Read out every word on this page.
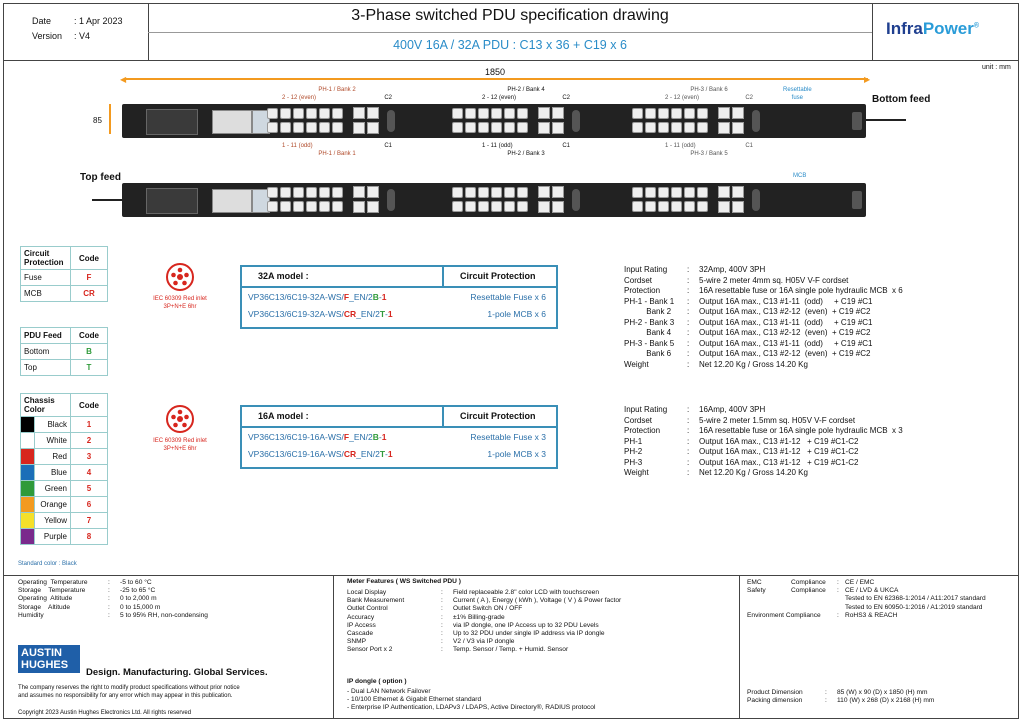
Date	: 1 Apr 2023
Version : V4
3-Phase switched PDU specification drawing
400V 16A / 32A PDU : C13 x 36 + C19 x 6
InfraPower®
unit : mm
◀	▶
1850
85
PH-1 / Bank 2
2 - 12 (even)	C2
PH-2 / Bank 4
2 - 12 (even)	C2
PH-3 / Bank 6
2 - 12 (even)	C2
Resettable
fuse	Bottom feed
1 - 11 (odd)	C1
PH-1 / Bank 1
1 - 11 (odd)	C1
PH-2 / Bank 3
1 - 11 (odd)	C1
PH-3 / Bank 5
Top feed	MCB
Circuit Protection	Code
Fuse	F
MCB	CR
PDU Feed	Code
Bottom	B
Top	T
Chassis Color		Code
	Black	1
	White	2
	Red	3
	Blue	4
	Green	5
	Orange	6
	Yellow	7
	Purple	8
Standard color : Black
IEC 60309 Red inlet
3P+N+E 6hr
IEC 60309 Red inlet
3P+N+E 6hr
32A model :	Circuit Protection
VP36C13/6C19-32A-WS/F_EN/2B-1	Resettable Fuse x 6
VP36C13/6C19-32A-WS/CR_EN/2T-1	1-pole MCB x 6
16A model :	Circuit Protection
VP36C13/6C19-16A-WS/F_EN/2B-1	Resettable Fuse x 3
VP36C13/6C19-16A-WS/CR_EN/2T-1	1-pole MCB x 3
Input Rating	:	32Amp, 400V 3PH
Cordset	:	5-wire 2 meter 4mm sq. H05V V-F cordset
Protection	:	16A resettable fuse or 16A single pole hydraulic MCB  x 6
PH-1 - Bank 1	:	Output 16A max., C13 #1-11  (odd)     + C19 #C1
Bank 2	:	Output 16A max., C13 #2-12  (even)  + C19 #C2
PH-2 - Bank 3	:	Output 16A max., C13 #1-11  (odd)     + C19 #C1
Bank 4	:	Output 16A max., C13 #2-12  (even)  + C19 #C2
PH-3 - Bank 5	:	Output 16A max., C13 #1-11  (odd)     + C19 #C1
Bank 6	:	Output 16A max., C13 #2-12  (even)  + C19 #C2
Weight	:	Net 12.20 Kg / Gross 14.20 Kg
Input Rating	:	16Amp, 400V 3PH
Cordset	:	5-wire 2 meter 1.5mm sq. H05V V-F cordset
Protection	:	16A resettable fuse or 16A single pole hydraulic MCB  x 3
PH-1	:	Output 16A max., C13 #1-12   + C19 #C1-C2
PH-2	:	Output 16A max., C13 #1-12   + C19 #C1-C2
PH-3	:	Output 16A max., C13 #1-12   + C19 #C1-C2
Weight	:	Net 12.20 Kg / Gross 14.20 Kg
Operating  Temperature	:	-5 to 60 °C
Storage    Temperature	:	-25 to 65 °C
Operating  Altitude	:	0 to 2,000 m
Storage    Altitude	:	0 to 15,000 m
Humidity	:	5 to 95% RH, non-condensing
AUSTIN
HUGHES
Design. Manufacturing. Global Services.
The company reserves the right to modify product specifications without prior notice
and assumes no responsibility for any error which may appear in this publication.
Copyright 2023 Austin Hughes Electronics Ltd. All rights reserved
Meter Features ( WS Switched PDU )
Local Display	:	Field replaceable 2.8" color LCD with touchscreen
Bank Measurement	:	Current ( A ), Energy ( kWh ), Voltage ( V ) & Power factor
Outlet Control	:	Outlet Switch ON / OFF
Accuracy	:	±1% Billing-grade
IP Access	:	via IP dongle, one IP Access up to 32 PDU Levels
Cascade	:	Up to 32 PDU under single IP address via IP dongle
SNMP	:	V2 / V3 via IP dongle
Sensor Port x 2	:	Temp. Sensor / Temp. + Humid. Sensor
IP dongle ( option )
- Dual LAN Network Failover
- 10/100 Ethernet & Gigabit Ethernet standard
- Enterprise IP Authentication, LDAPv3 / LDAPS, Active Directory®, RADIUS protocol
EMC	Compliance	: CE / EMC
Safety	Compliance	: CE / LVD & UKCA
Tested to EN 62368-1:2014 / A11:2017 standard
Tested to EN 60950-1:2016 / A1:2019 standard
Environment Compliance : RoHS3 & REACH
Product Dimension	:	85 (W) x 90 (D) x 1850 (H) mm
Packing dimension	:	110 (W) x 268 (D) x 2168 (H) mm
